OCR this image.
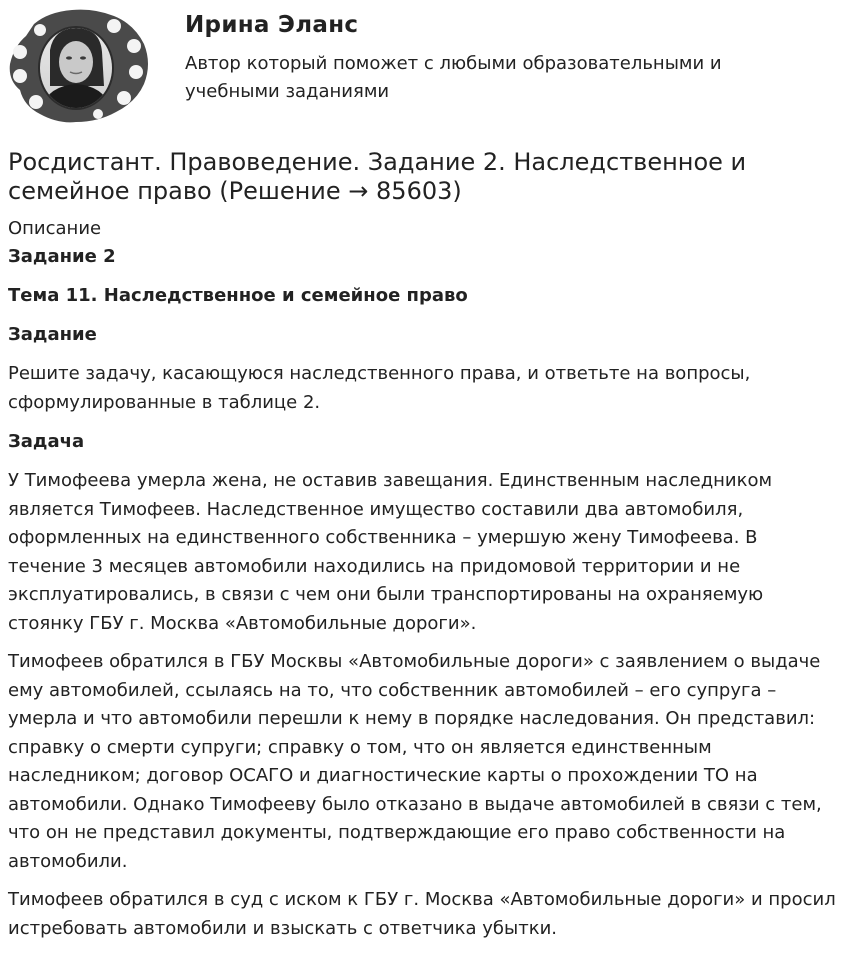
Ирина Эланс

Автор который поможет с любыми образовательными и учебными заданиями

Росдистант. Правоведение. Задание 2. Наследственное и семейное право (Решение → 85603)

Описание

Задание 2

Тема 11. Наследственное и семейное право

Задание

Решите задачу, касающуюся наследственного права, и ответьте на вопросы, сформулированные в таблице 2.

Задача

У Тимофеева умерла жена, не оставив завещания. Единственным наследником является Тимофеев. Наследственное имущество составили два автомобиля, оформленных на единственного собственника – умершую жену Тимофеева. В течение 3 месяцев автомобили находились на придомовой территории и не эксплуатировались, в связи с чем они были транспортированы на охраняемую стоянку ГБУ г. Москва «Автомобильные дороги».

Тимофеев обратился в ГБУ Москвы «Автомобильные дороги» с заявлением о выдаче ему автомобилей, ссылаясь на то, что собственник автомобилей – его супруга – умерла и что автомобили перешли к нему в порядке наследования. Он представил: справку о смерти супруги; справку о том, что он является единственным наследником; договор ОСАГО и диагностические карты о прохождении ТО на автомобили. Однако Тимофееву было отказано в выдаче автомобилей в связи с тем, что он не представил документы, подтверждающие его право собственности на автомобили.

Тимофеев обратился в суд с иском к ГБУ г. Москва «Автомобильные дороги» и просил истребовать автомобили и взыскать с ответчика убытки.
